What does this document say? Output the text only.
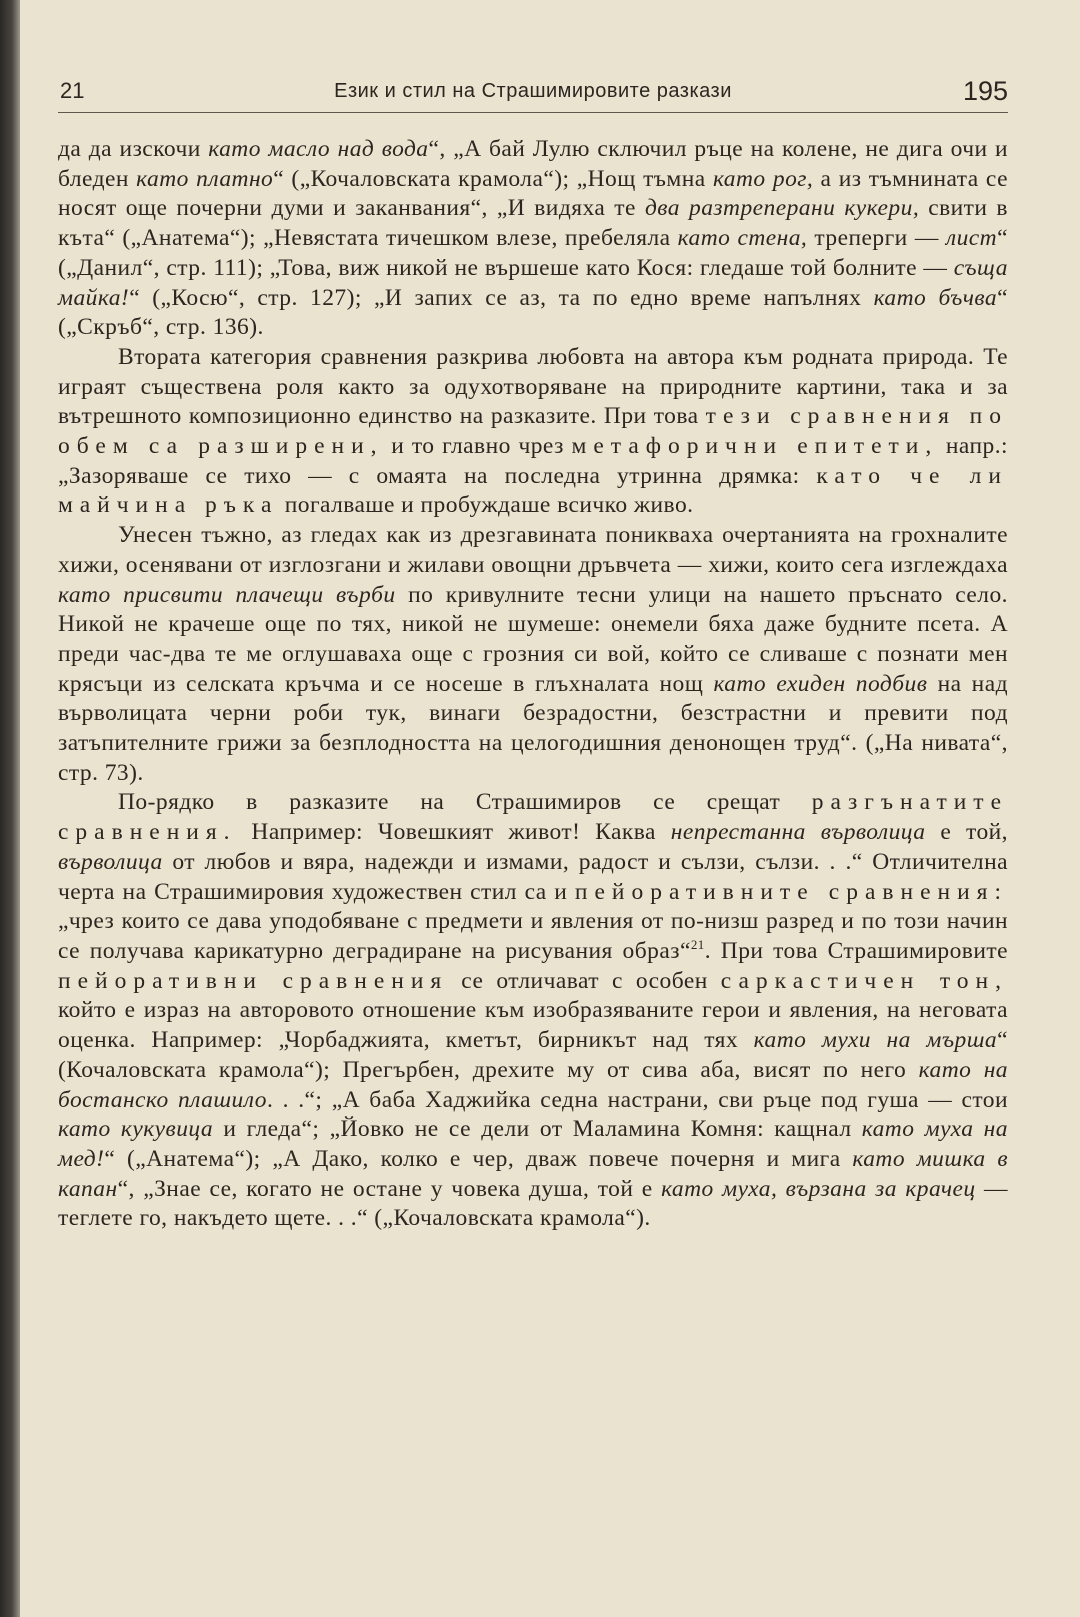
21	Език и стил на Страшимировите разкази	195

да да изскочи като масло над вода“, „А бай Лулю сключил ръце на колене, не дига очи и бледен като платно“ („Кочаловската крамола“); „Нощ тъмна като рог, а из тъмнината се носят още почерни думи и заканвания“, „И видяха те два разтреперани кукери, свити в къта“ („Анатема“); „Невястата тичешком влезе, пребеляла като стена, треперги — лист“ („Данил“, стр. 111); „Това, виж никой не вършеше като Кося: гледаше той болните — съща майка!“ („Косю“, стр. 127); „И запих се аз, та по едно време напълнях като бъчва“ („Скръб“, стр. 136).

Втората категория сравнения разкрива любовта на автора към родната природа. Те играят съществена роля както за одухотворяване на природните картини, така и за вътрешното композиционно единство на разказите. При това тези сравнения по обем са разширени, и то главно чрез метафорични епитети, напр.: „Зазоряваше се тихо — с омаята на последна утринна дрямка: като че ли майчина ръка погалваше и пробуждаше всичко живо.

Унесен тъжно, аз гледах как из дрезгавината поникваха очертанията на грохналите хижи, осенявани от изглозгани и жилави овощни дръвчета — хижи, които сега изглеждаха като присвити плачещи върби по кривулните тесни улици на нашето пръснато село. Никой не крачеше още по тях, никой не шумеше: онемели бяха даже будните псета. А преди час-два те ме оглушаваха още с грозния си вой, който се сливаше с познати мен крясъци из селската кръчма и се носеше в глъхналата нощ като ехиден подбив на над върволицата черни роби тук, винаги безрадостни, безстрастни и превити под затъпителните грижи за безплодността на целогодишния денонощен труд“. („На нивата“, стр. 73).

По-рядко в разказите на Страшимиров се срещат разгънатите сравнения. Например: Човешкият живот! Каква непрестанна върволица е той, върволица от любов и вяра, надежди и измами, радост и сълзи, сълзи. . .“ Отличителна черта на Страшимировия художествен стил са и пейоративните сравнения: „чрез които се дава уподобяване с предмети и явления от по-низш разред и по този начин се получава карикатурно деградиране на рисувания образ“$^{21}$. При това Страшимировите пейоративни сравнения се отличават с особен саркастичен тон, който е израз на авторовото отношение към изобразяваните герои и явления, на неговата оценка. Например: „Чорбаджията, кметът, бирникът над тях като мухи на мърша“ (Кочаловската крамола“); Прегърбен, дрехите му от сива аба, висят по него като на бостанско плашило. . .“; „А баба Хаджийка седна настрани, сви ръце под гуша — стои като кукувица и гледа“; „Йовко не се дели от Маламина Комня: кащнал като муха на мед!“ („Анатема“); „А Дако, колко е чер, дваж повече почерня и мига като мишка в капан“, „Знае се, когато не остане у човека душа, той е като муха, вързана за крачец — теглете го, накъдето щете. . .“ („Кочаловската крамола“).
